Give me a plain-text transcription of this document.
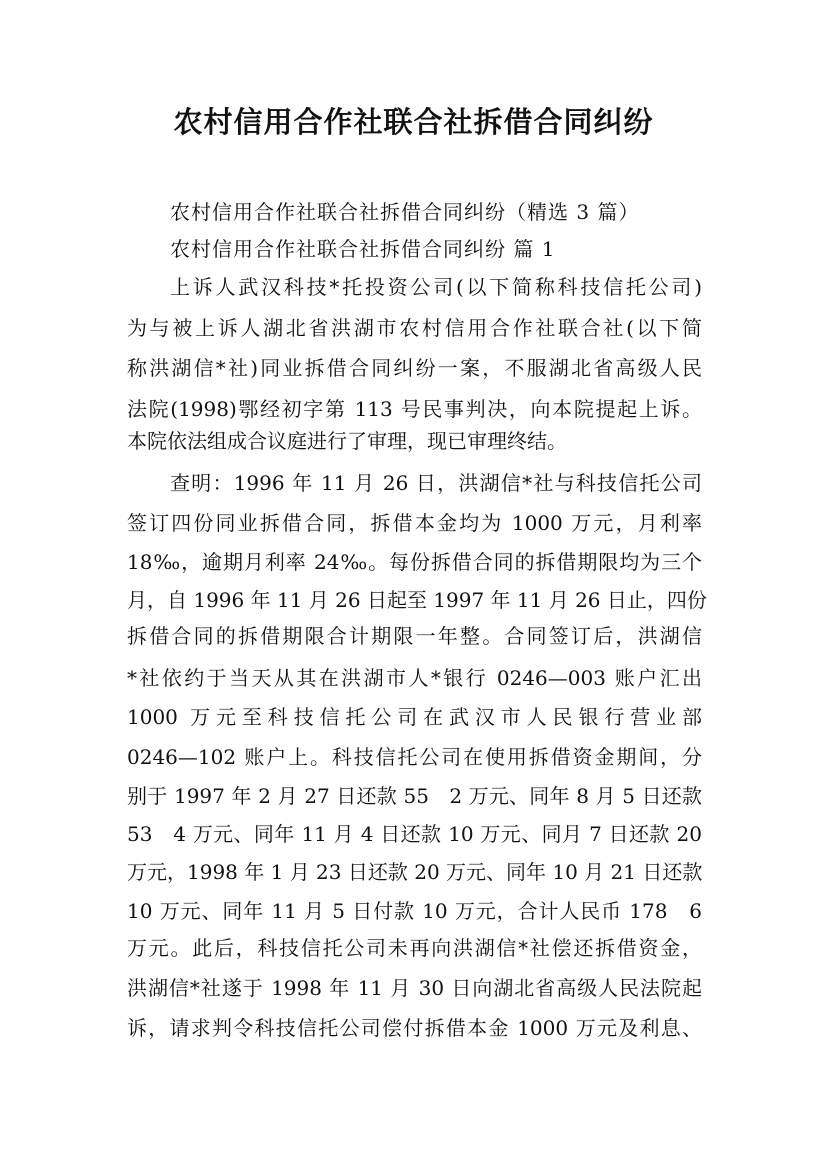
农村信用合作社联合社拆借合同纠纷
农村信用合作社联合社拆借合同纠纷（精选 3 篇）
农村信用合作社联合社拆借合同纠纷 篇 1
上诉人武汉科技*托投资公司(以下简称科技信托公司)
为与被上诉人湖北省洪湖市农村信用合作社联合社(以下简
称洪湖信*社)同业拆借合同纠纷一案，不服湖北省高级人民
法院(1998)鄂经初字第 113 号民事判决，向本院提起上诉。
本院依法组成合议庭进行了审理，现已审理终结。
查明：1996 年 11 月 26 日，洪湖信*社与科技信托公司
签订四份同业拆借合同，拆借本金均为 1000 万元，月利率
18‰，逾期月利率 24‰。每份拆借合同的拆借期限均为三个
月，自 1996 年 11 月 26 日起至 1997 年 11 月 26 日止，四份
拆借合同的拆借期限合计期限一年整。合同签订后，洪湖信
*社依约于当天从其在洪湖市人*银行 0246—003 账户汇出
1000 万元至科技信托公司在武汉市人民银行营业部
0246—102 账户上。科技信托公司在使用拆借资金期间，分
别于 1997 年 2 月 27 日还款 55　2 万元、同年 8 月 5 日还款
53　4 万元、同年 11 月 4 日还款 10 万元、同月 7 日还款 20
万元，1998 年 1 月 23 日还款 20 万元、同年 10 月 21 日还款
10 万元、同年 11 月 5 日付款 10 万元，合计人民币 178　6
万元。此后，科技信托公司未再向洪湖信*社偿还拆借资金，
洪湖信*社遂于 1998 年 11 月 30 日向湖北省高级人民法院起
诉，请求判令科技信托公司偿付拆借本金 1000 万元及利息、
